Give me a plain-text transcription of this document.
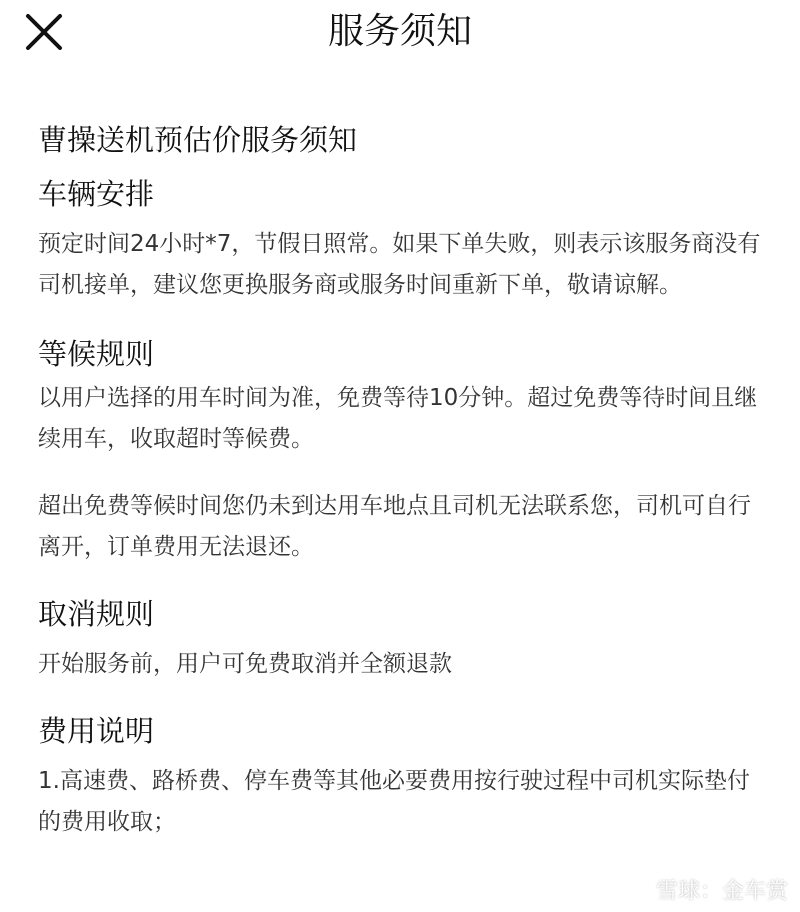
服务须知
曹操送机预估价服务须知
车辆安排

预定时间24小时*7，节假日照常。如果下单失败，则表示该服务商没有司机接单，建议您更换服务商或服务时间重新下单，敬请谅解。

等候规则

以用户选择的用车时间为准，免费等待10分钟。超过免费等待时间且继续用车，收取超时等候费。

超出免费等候时间您仍未到达用车地点且司机无法联系您，司机可自行离开，订单费用无法退还。

取消规则

开始服务前，用户可免费取消并全额退款

费用说明

1.高速费、路桥费、停车费等其他必要费用按行驶过程中司机实际垫付的费用收取；

雪球：金车赏
